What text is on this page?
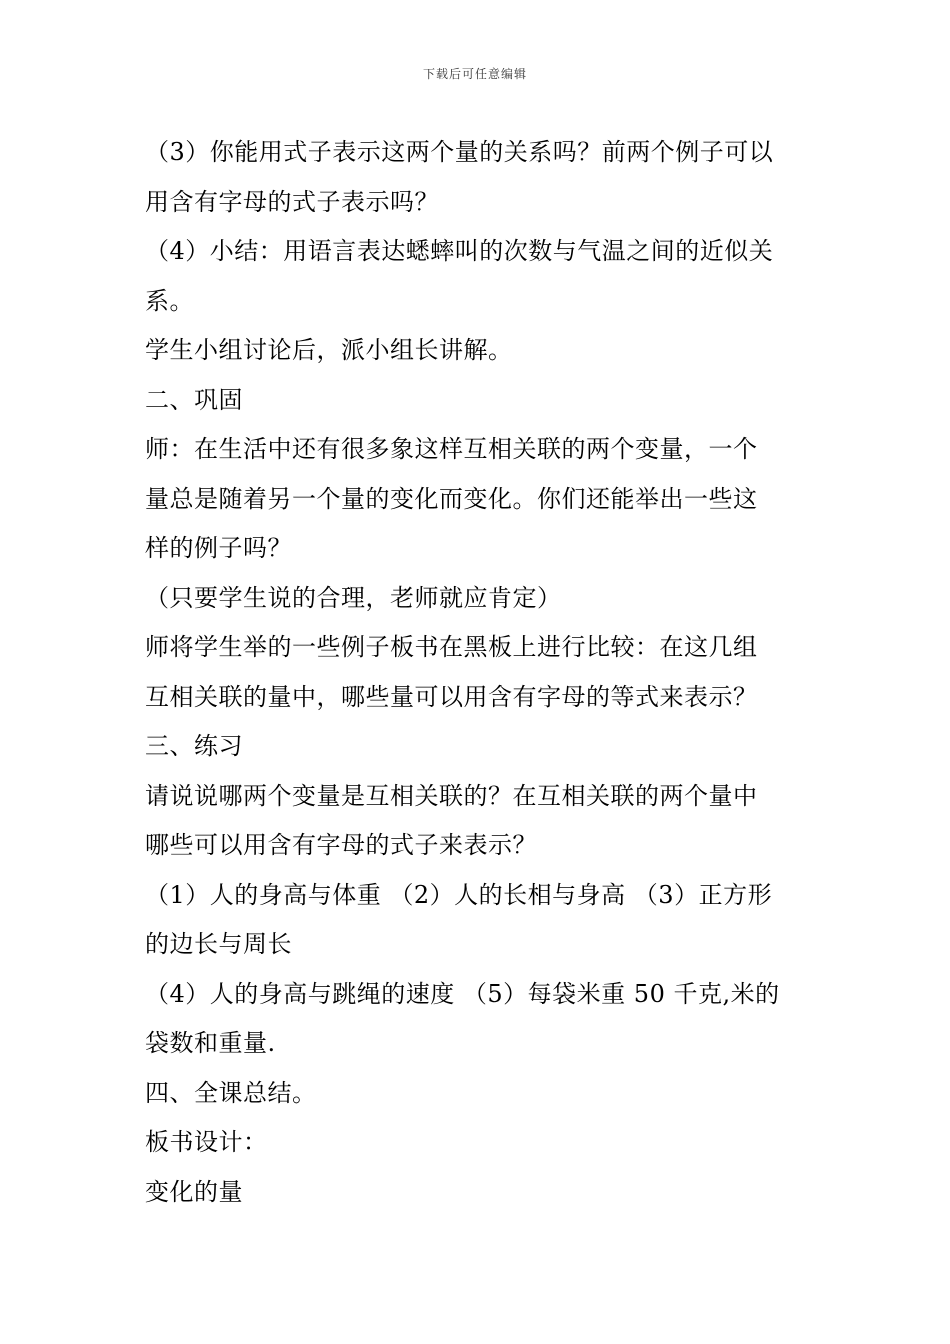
下载后可任意编辑
（3）你能用式子表示这两个量的关系吗？前两个例子可以
用含有字母的式子表示吗？
（4）小结：用语言表达蟋蟀叫的次数与气温之间的近似关
系。
学生小组讨论后，派小组长讲解。
二、巩固
师：在生活中还有很多象这样互相关联的两个变量，一个
量总是随着另一个量的变化而变化。你们还能举出一些这
样的例子吗？
（只要学生说的合理，老师就应肯定）
师将学生举的一些例子板书在黑板上进行比较：在这几组
互相关联的量中，哪些量可以用含有字母的等式来表示？
三、练习
请说说哪两个变量是互相关联的？在互相关联的两个量中
哪些可以用含有字母的式子来表示？
（1）人的身高与体重 （2）人的长相与身高 （3）正方形
的边长与周长
（4）人的身高与跳绳的速度 （5）每袋米重 50 千克,米的
袋数和重量.
四、全课总结。
板书设计：
变化的量
